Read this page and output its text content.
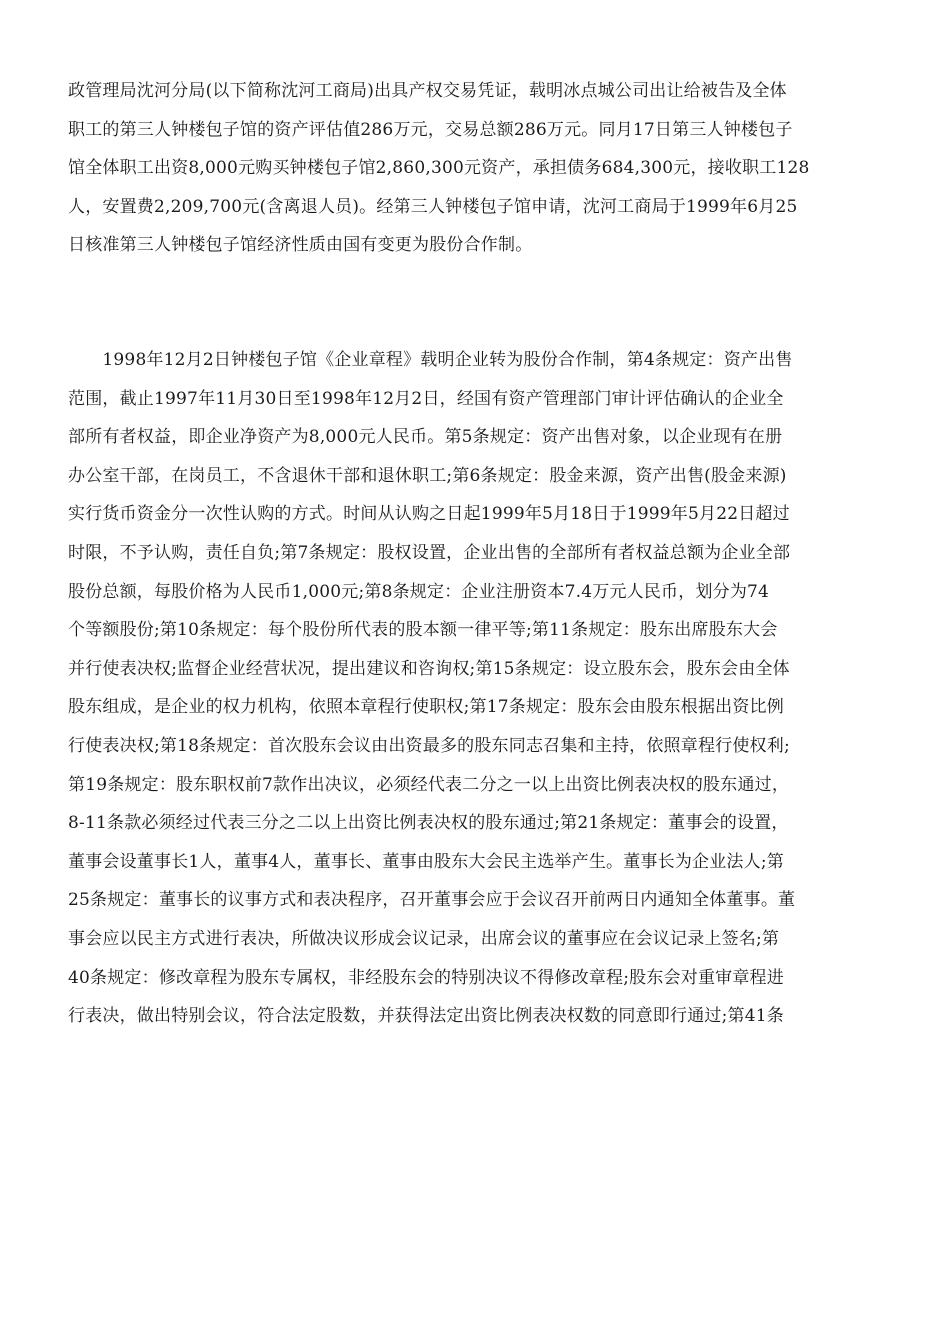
政管理局沈河分局(以下简称沈河工商局)出具产权交易凭证，载明冰点城公司出让给被告及全体
职工的第三人钟楼包子馆的资产评估值286万元，交易总额286万元。同月17日第三人钟楼包子
馆全体职工出资8,000元购买钟楼包子馆2,860,300元资产，承担债务684,300元，接收职工128
人，安置费2,209,700元(含离退人员)。经第三人钟楼包子馆申请，沈河工商局于1999年6月25
日核准第三人钟楼包子馆经济性质由国有变更为股份合作制。
　　1998年12月2日钟楼包子馆《企业章程》载明企业转为股份合作制，第4条规定：资产出售
范围，截止1997年11月30日至1998年12月2日，经国有资产管理部门审计评估确认的企业全
部所有者权益，即企业净资产为8,000元人民币。第5条规定：资产出售对象，以企业现有在册
办公室干部，在岗员工，不含退休干部和退休职工;第6条规定：股金来源，资产出售(股金来源)
实行货币资金分一次性认购的方式。时间从认购之日起1999年5月18日于1999年5月22日超过
时限，不予认购，责任自负;第7条规定：股权设置，企业出售的全部所有者权益总额为企业全部
股份总额，每股价格为人民币1,000元;第8条规定：企业注册资本7.4万元人民币，划分为74
个等额股份;第10条规定：每个股份所代表的股本额一律平等;第11条规定：股东出席股东大会
并行使表决权;监督企业经营状况，提出建议和咨询权;第15条规定：设立股东会，股东会由全体
股东组成，是企业的权力机构，依照本章程行使职权;第17条规定：股东会由股东根据出资比例
行使表决权;第18条规定：首次股东会议由出资最多的股东同志召集和主持，依照章程行使权利;
第19条规定：股东职权前7款作出决议，必须经代表二分之一以上出资比例表决权的股东通过，
8-11条款必须经过代表三分之二以上出资比例表决权的股东通过;第21条规定：董事会的设置，
董事会设董事长1人，董事4人，董事长、董事由股东大会民主选举产生。董事长为企业法人;第
25条规定：董事长的议事方式和表决程序，召开董事会应于会议召开前两日内通知全体董事。董
事会应以民主方式进行表决，所做决议形成会议记录，出席会议的董事应在会议记录上签名;第
40条规定：修改章程为股东专属权，非经股东会的特别决议不得修改章程;股东会对重审章程进
行表决，做出特别会议，符合法定股数，并获得法定出资比例表决权数的同意即行通过;第41条
